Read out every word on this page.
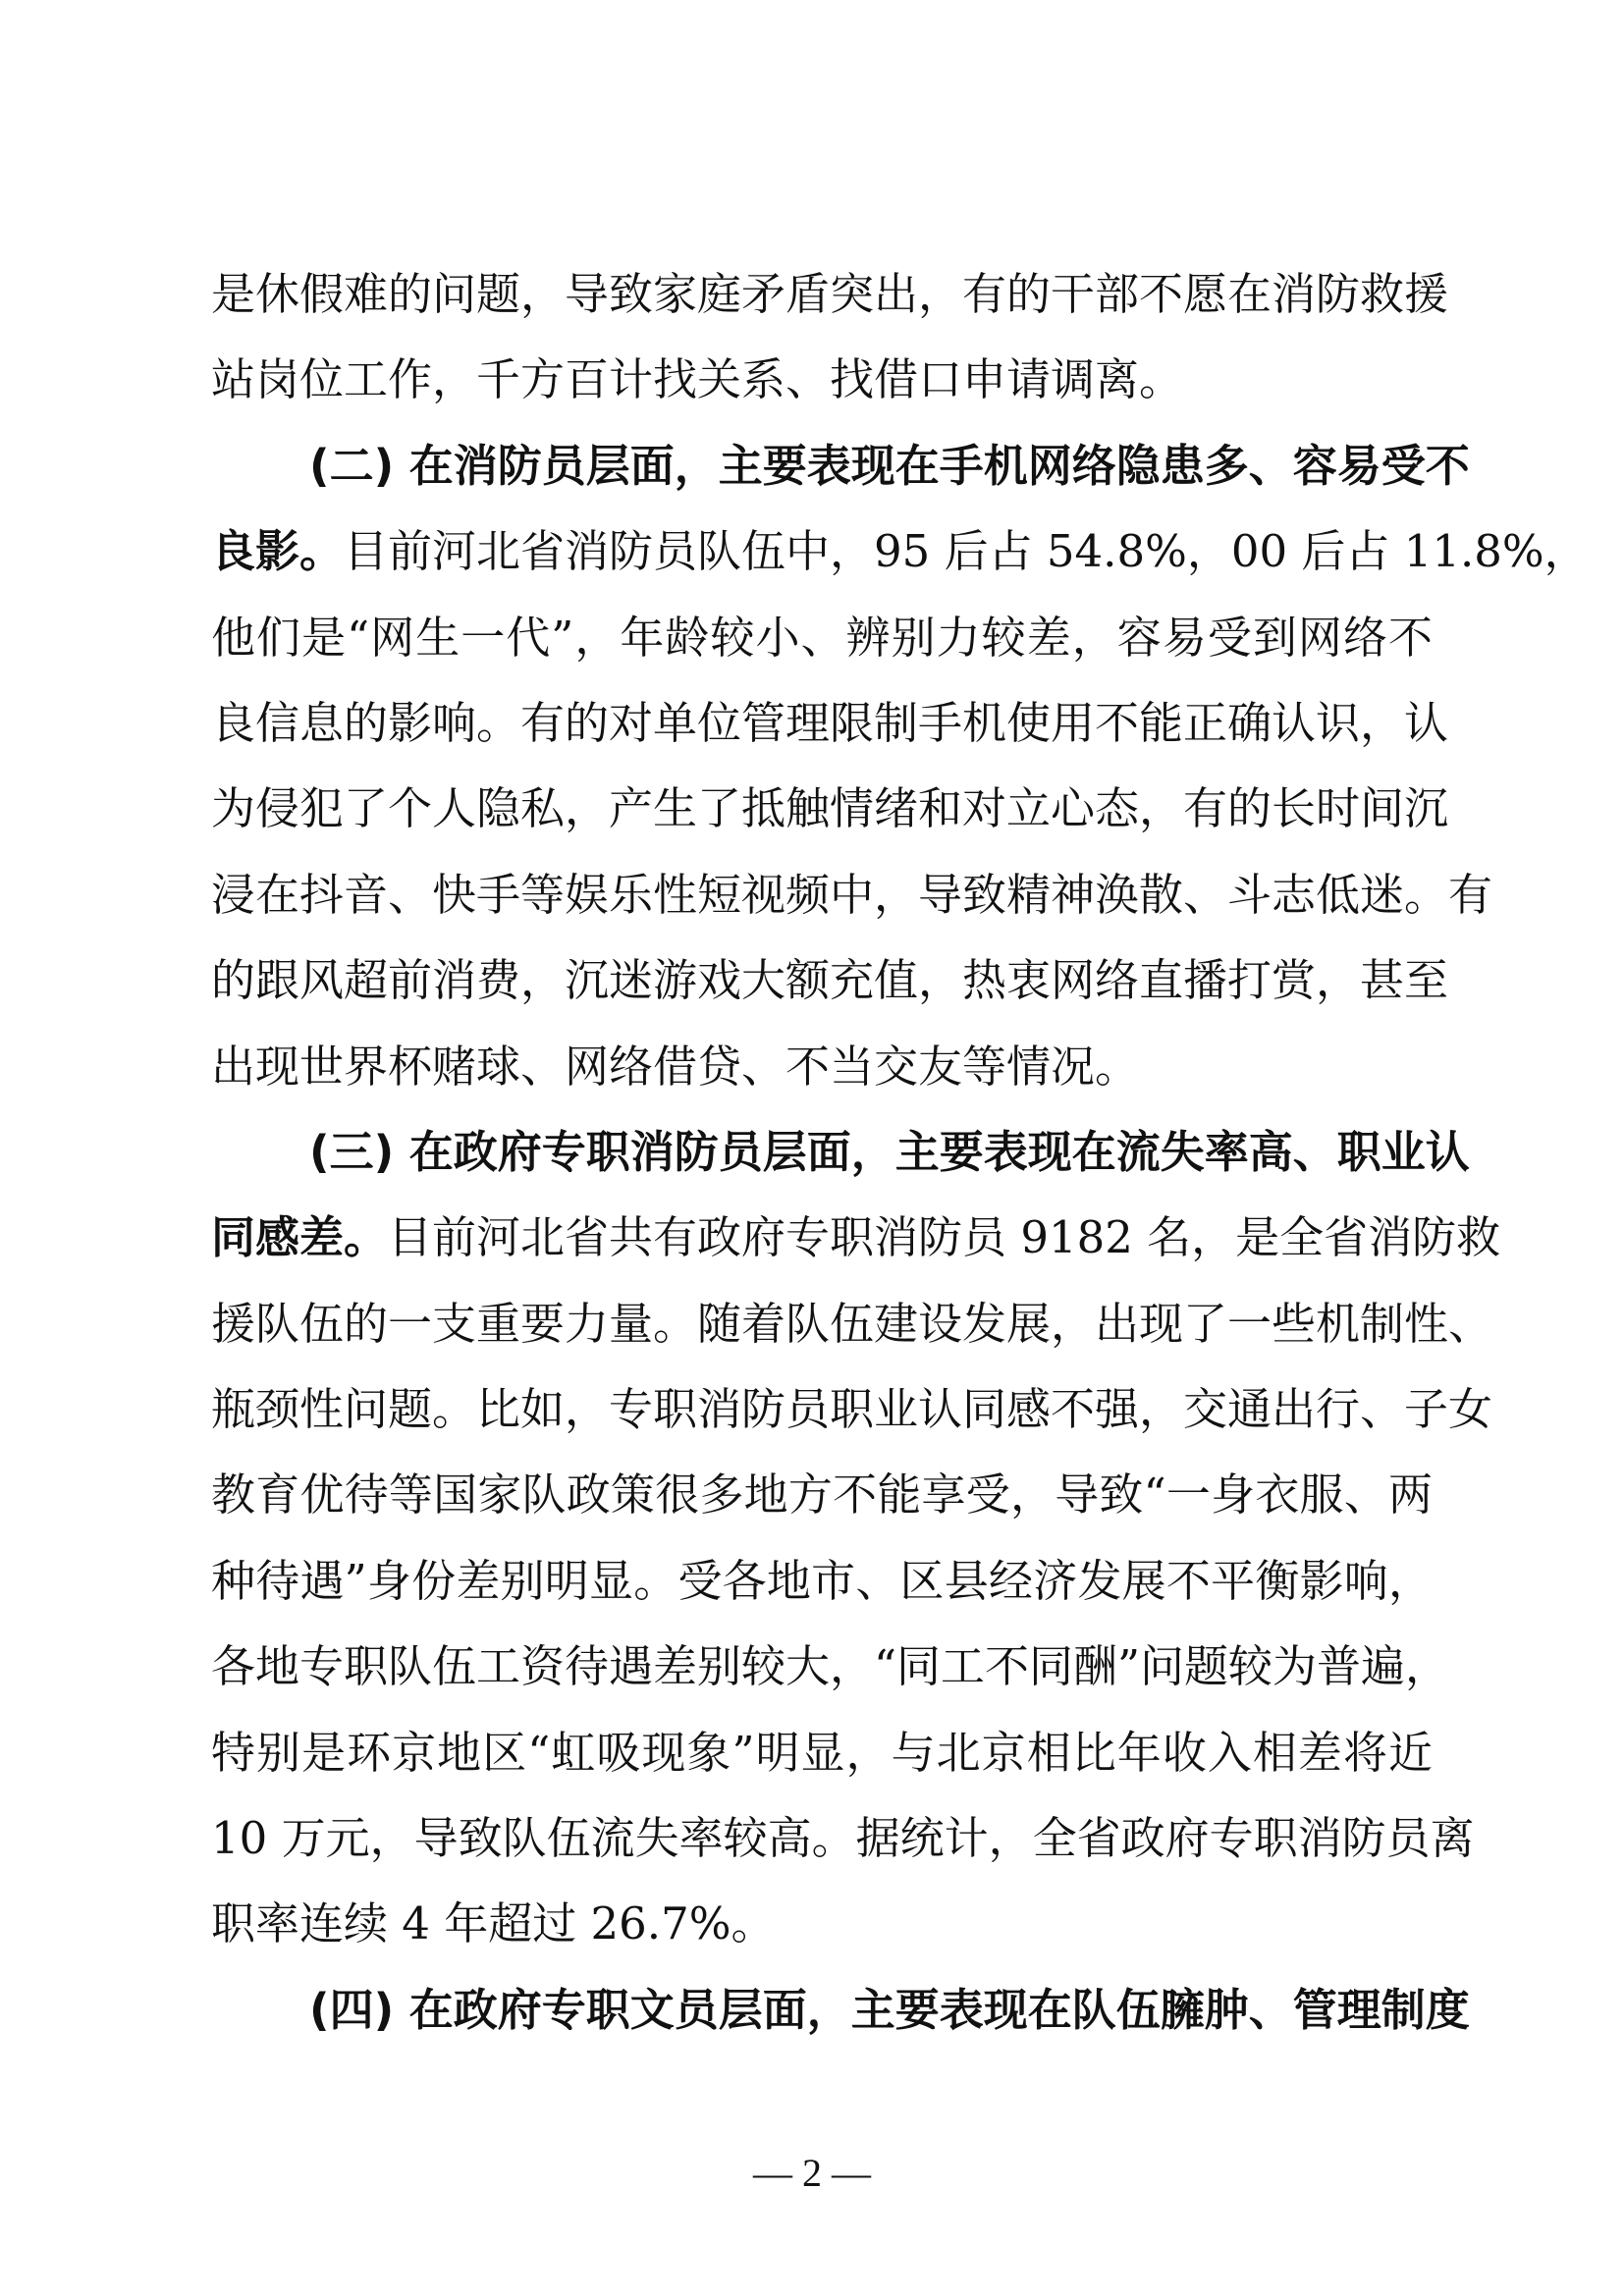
是休假难的问题，导致家庭矛盾突出，有的干部不愿在消防救援
站岗位工作，千方百计找关系、找借口申请调离。
(二) 在消防员层面，主要表现在手机网络隐患多、容易受不
良影。目前河北省消防员队伍中，95 后占 54.8%，00 后占 11.8%，
他们是“网生一代”，年龄较小、辨别力较差，容易受到网络不
良信息的影响。有的对单位管理限制手机使用不能正确认识，认
为侵犯了个人隐私，产生了抵触情绪和对立心态，有的长时间沉
浸在抖音、快手等娱乐性短视频中，导致精神涣散、斗志低迷。有
的跟风超前消费，沉迷游戏大额充值，热衷网络直播打赏，甚至
出现世界杯赌球、网络借贷、不当交友等情况。
(三) 在政府专职消防员层面，主要表现在流失率高、职业认
同感差。目前河北省共有政府专职消防员 9182 名，是全省消防救
援队伍的一支重要力量。随着队伍建设发展，出现了一些机制性、
瓶颈性问题。比如，专职消防员职业认同感不强，交通出行、子女
教育优待等国家队政策很多地方不能享受，导致“一身衣服、两
种待遇”身份差别明显。受各地市、区县经济发展不平衡影响，
各地专职队伍工资待遇差别较大，“同工不同酬”问题较为普遍，
特别是环京地区“虹吸现象”明显，与北京相比年收入相差将近
10 万元，导致队伍流失率较高。据统计，全省政府专职消防员离
职率连续 4 年超过 26.7%。
(四) 在政府专职文员层面，主要表现在队伍臃肿、管理制度
— 2 —
